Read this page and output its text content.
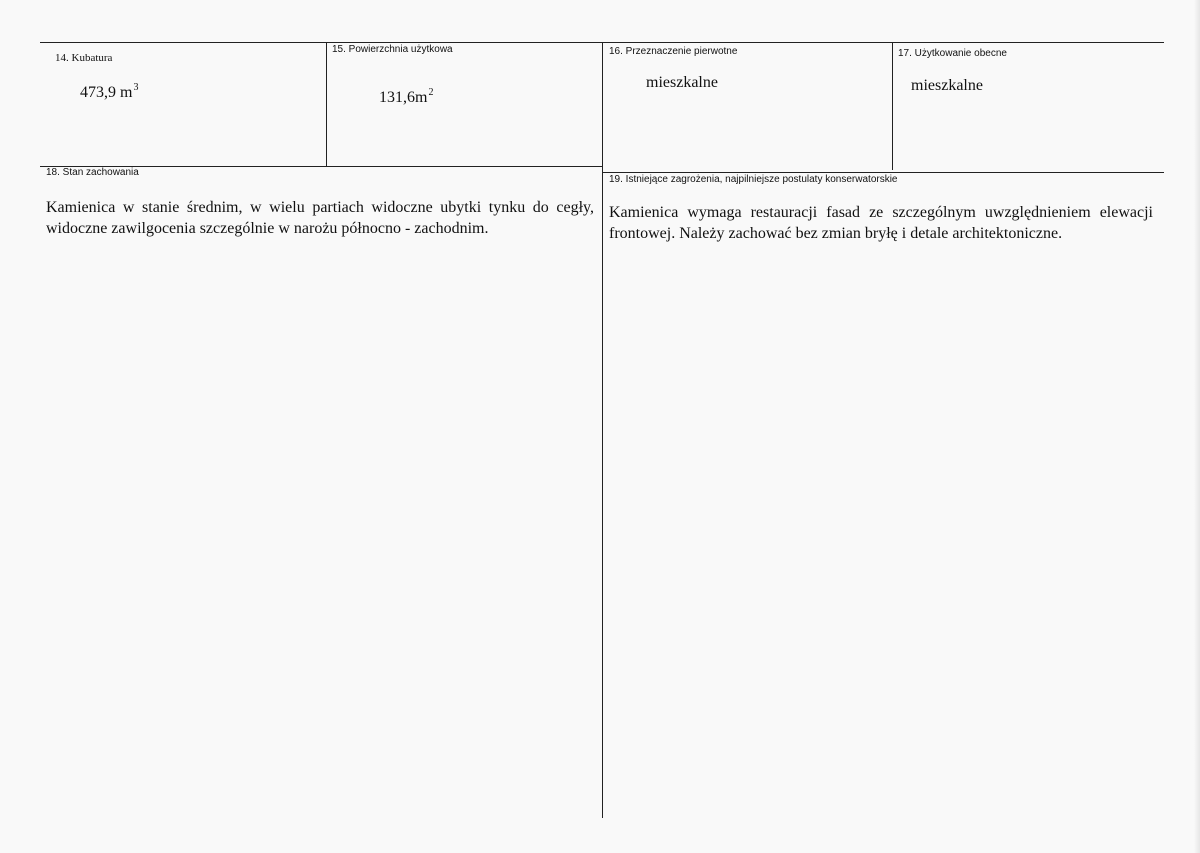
14. Kubatura
473,9 $m^3$
15. Powierzchnia użytkowa
$131,6m^2$
16. Przeznaczenie pierwotne
mieszkalne
17. Użytkowanie obecne
mieszkalne
18. Stan zachowania
Kamienica w stanie średnim, w wielu partiach widoczne ubytki tynku do cegły, widoczne zawilgocenia szczególnie w narożu północno - zachodnim.
19. Istniejące zagrożenia, najpilniejsze postulaty konserwatorskie
Kamienica wymaga restauracji fasad ze szczególnym uwzględnieniem elewacji frontowej. Należy zachować bez zmian bryłę i detale architektoniczne.
